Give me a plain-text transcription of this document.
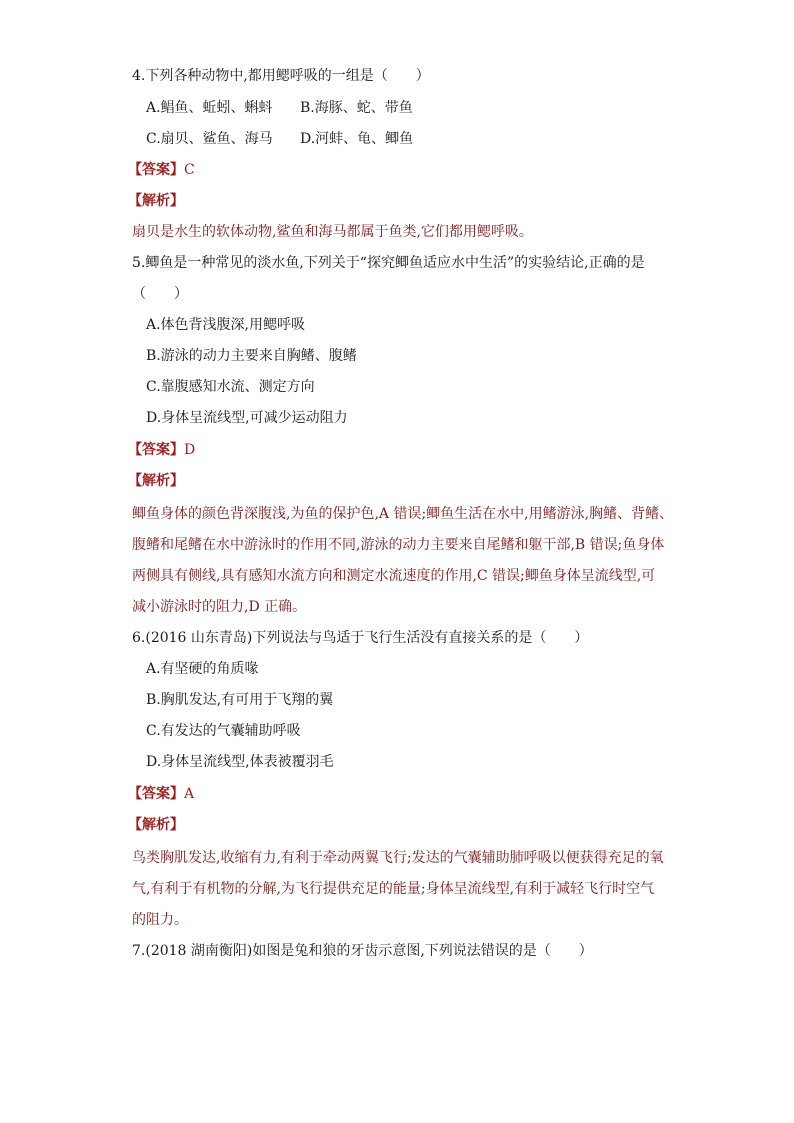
4.下列各种动物中,都用鳃呼吸的一组是（　　）
A.鲳鱼、蚯蚓、蝌蚪 B.海豚、蛇、带鱼
C.扇贝、鲨鱼、海马 D.河蚌、龟、鲫鱼
【答案】C
【解析】
扇贝是水生的软体动物,鲨鱼和海马都属于鱼类,它们都用鳃呼吸。
5.鲫鱼是一种常见的淡水鱼,下列关于“探究鲫鱼适应水中生活”的实验结论,正确的是
（　　）
A.体色背浅腹深,用鳃呼吸
B.游泳的动力主要来自胸鳍、腹鳍
C.靠腹感知水流、测定方向
D.身体呈流线型,可减少运动阻力
【答案】D
【解析】
鲫鱼身体的颜色背深腹浅,为鱼的保护色,A 错误;鲫鱼生活在水中,用鳍游泳,胸鳍、背鳍、
腹鳍和尾鳍在水中游泳时的作用不同,游泳的动力主要来自尾鳍和躯干部,B 错误;鱼身体
两侧具有侧线,具有感知水流方向和测定水流速度的作用,C 错误;鲫鱼身体呈流线型,可
减小游泳时的阻力,D 正确。
6.(2016 山东青岛)下列说法与鸟适于飞行生活没有直接关系的是（　　）
A.有坚硬的角质喙
B.胸肌发达,有可用于飞翔的翼
C.有发达的气囊辅助呼吸
D.身体呈流线型,体表被覆羽毛
【答案】A
【解析】
鸟类胸肌发达,收缩有力,有利于牵动两翼飞行;发达的气囊辅助肺呼吸以便获得充足的氧
气,有利于有机物的分解,为飞行提供充足的能量;身体呈流线型,有利于减轻飞行时空气
的阻力。
7.(2018 湖南衡阳)如图是兔和狼的牙齿示意图,下列说法错误的是（　　）
